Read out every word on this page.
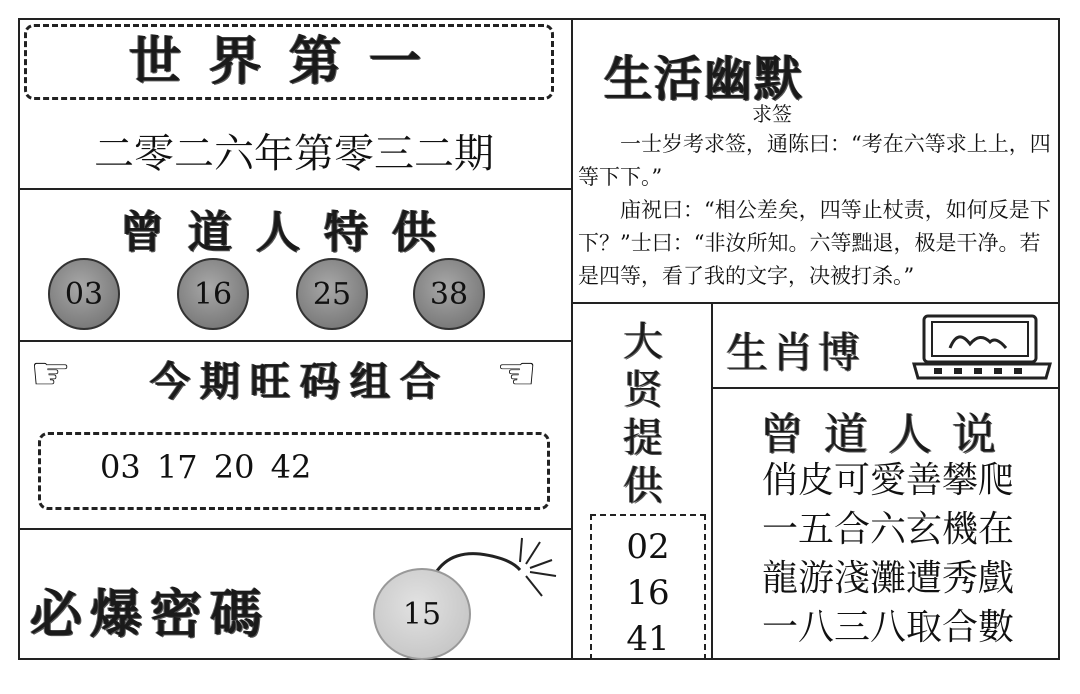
世界第一
二零二六年第零三二期
曾道人特供
03	16	25	38
☞	今期旺码组合	☜
03 17 20 42
必爆密碼	15
生活幽默
求签

一士岁考求签，通陈曰：“考在六等求上上，四等下下。”

庙祝曰：“相公差矣，四等止杖责，如何反是下下？”士曰：“非汝所知。六等黜退，极是干净。若是四等，看了我的文字，决被打杀。”

大
贤
提
供
02
16
41
生肖博
曾道人说
俏皮可愛善攀爬
一五合六玄機在
龍游淺灘遭秀戲
一八三八取合數
